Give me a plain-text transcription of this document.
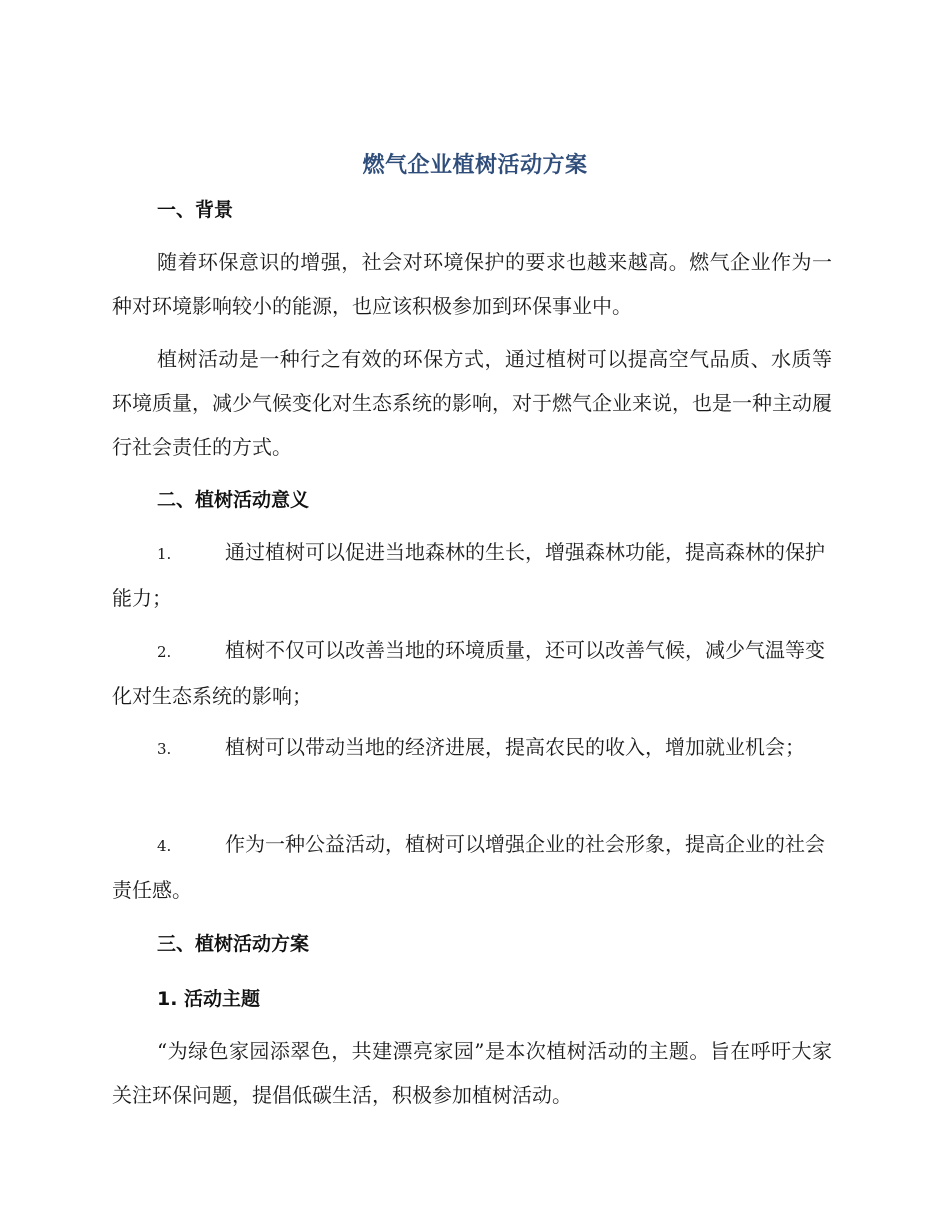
燃气企业植树活动方案
一、背景
随着环保意识的增强，社会对环境保护的要求也越来越高。燃气企业作为一种对环境影响较小的能源，也应该积极参加到环保事业中。
植树活动是一种行之有效的环保方式，通过植树可以提高空气品质、水质等环境质量，减少气候变化对生态系统的影响，对于燃气企业来说，也是一种主动履行社会责任的方式。
二、植树活动意义
1.	通过植树可以促进当地森林的生长，增强森林功能，提高森林的保护能力；
2.	植树不仅可以改善当地的环境质量，还可以改善气候，减少气温等变化对生态系统的影响；
3.	植树可以带动当地的经济进展，提高农民的收入，增加就业机会；
4.	作为一种公益活动，植树可以增强企业的社会形象，提高企业的社会责任感。
三、植树活动方案
1. 活动主题
“为绿色家园添翠色，共建漂亮家园”是本次植树活动的主题。旨在呼吁大家关注环保问题，提倡低碳生活，积极参加植树活动。
